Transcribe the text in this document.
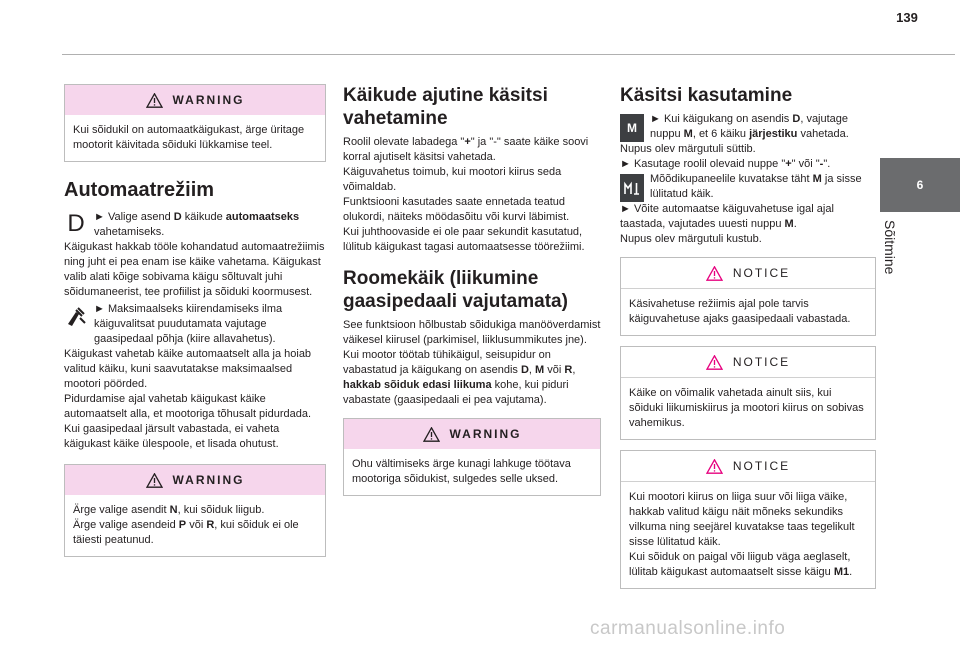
139
6
Sõitmine
WARNING

Kui sõidukil on automaatkäigukast, ärge üritage mootorit käivitada sõiduki lükkamise teel.

Automaatrežiim
D ► Valige asend D käikude automaatseks vahetamiseks.

Käigukast hakkab tööle kohandatud automaatrežiimis ning juht ei pea enam ise käike vahetama. Käigukast valib alati kõige sobivama käigu sõltuvalt juhi sõidumaneerist, tee profiilist ja sõiduki koormusest.

► Maksimaalseks kiirendamiseks ilma käiguvalitsat puudutamata vajutage gaasipedaal põhja (kiire allavahetus).

Käigukast vahetab käike automaatselt alla ja hoiab valitud käiku, kuni saavutatakse maksimaalsed mootori pöörded.

Pidurdamise ajal vahetab käigukast käike automaatselt alla, et mootoriga tõhusalt pidurdada.

Kui gaasipedaal järsult vabastada, ei vaheta käigukast käike ülespoole, et lisada ohutust.

WARNING

Ärge valige asendit N, kui sõiduk liigub.

Ärge valige asendeid P või R, kui sõiduk ei ole täiesti peatunud.

Käikude ajutine käsitsi vahetamine

Roolil olevate labadega "+" ja "-" saate käike soovi korral ajutiselt käsitsi vahetada.

Käiguvahetus toimub, kui mootori kiirus seda võimaldab.

Funktsiooni kasutades saate ennetada teatud olukordi, näiteks möödasõitu või kurvi läbimist.

Kui juhthoovaside ei ole paar sekundit kasutatud, lülitub käigukast tagasi automaatsesse töörežiimi.

Roomekäik (liikumine gaasipedaali vajutamata)

See funktsioon hõlbustab sõidukiga manööverdamist väikesel kiirusel (parkimisel, liiklusummikutes jne).

Kui mootor töötab tühikäigul, seisupidur on vabastatud ja käigukang on asendis D, M või R, hakkab sõiduk edasi liikuma kohe, kui piduri vabastate (gaasipedaali ei pea vajutama).

WARNING

Ohu vältimiseks ärge kunagi lahkuge töötava mootoriga sõidukist, sulgedes selle uksed.

Käsitsi kasutamine
M

► Kui käigukang on asendis D, vajutage nuppu M, et 6 käiku järjestiku vahetada.

Nupus olev märgutuli süttib.

► Kasutage roolil olevaid nuppe "+" või "-".

Mõõdikupaneelile kuvatakse täht M ja sisse lülitatud käik.

► Võite automaatse käiguvahetuse igal ajal taastada, vajutades uuesti nuppu M.

Nupus olev märgutuli kustub.

NOTICE

Käsivahetuse režiimis ajal pole tarvis käiguvahetuse ajaks gaasipedaali vabastada.

NOTICE

Käike on võimalik vahetada ainult siis, kui sõiduki liikumiskiirus ja mootori kiirus on sobivas vahemikus.

NOTICE

Kui mootori kiirus on liiga suur või liiga väike, hakkab valitud käigu näit mõneks sekundiks vilkuma ning seejärel kuvatakse taas tegelikult sisse lülitatud käik.

Kui sõiduk on paigal või liigub väga aeglaselt, lülitab käigukast automaatselt sisse käigu M1.

carmanualsonline.info
